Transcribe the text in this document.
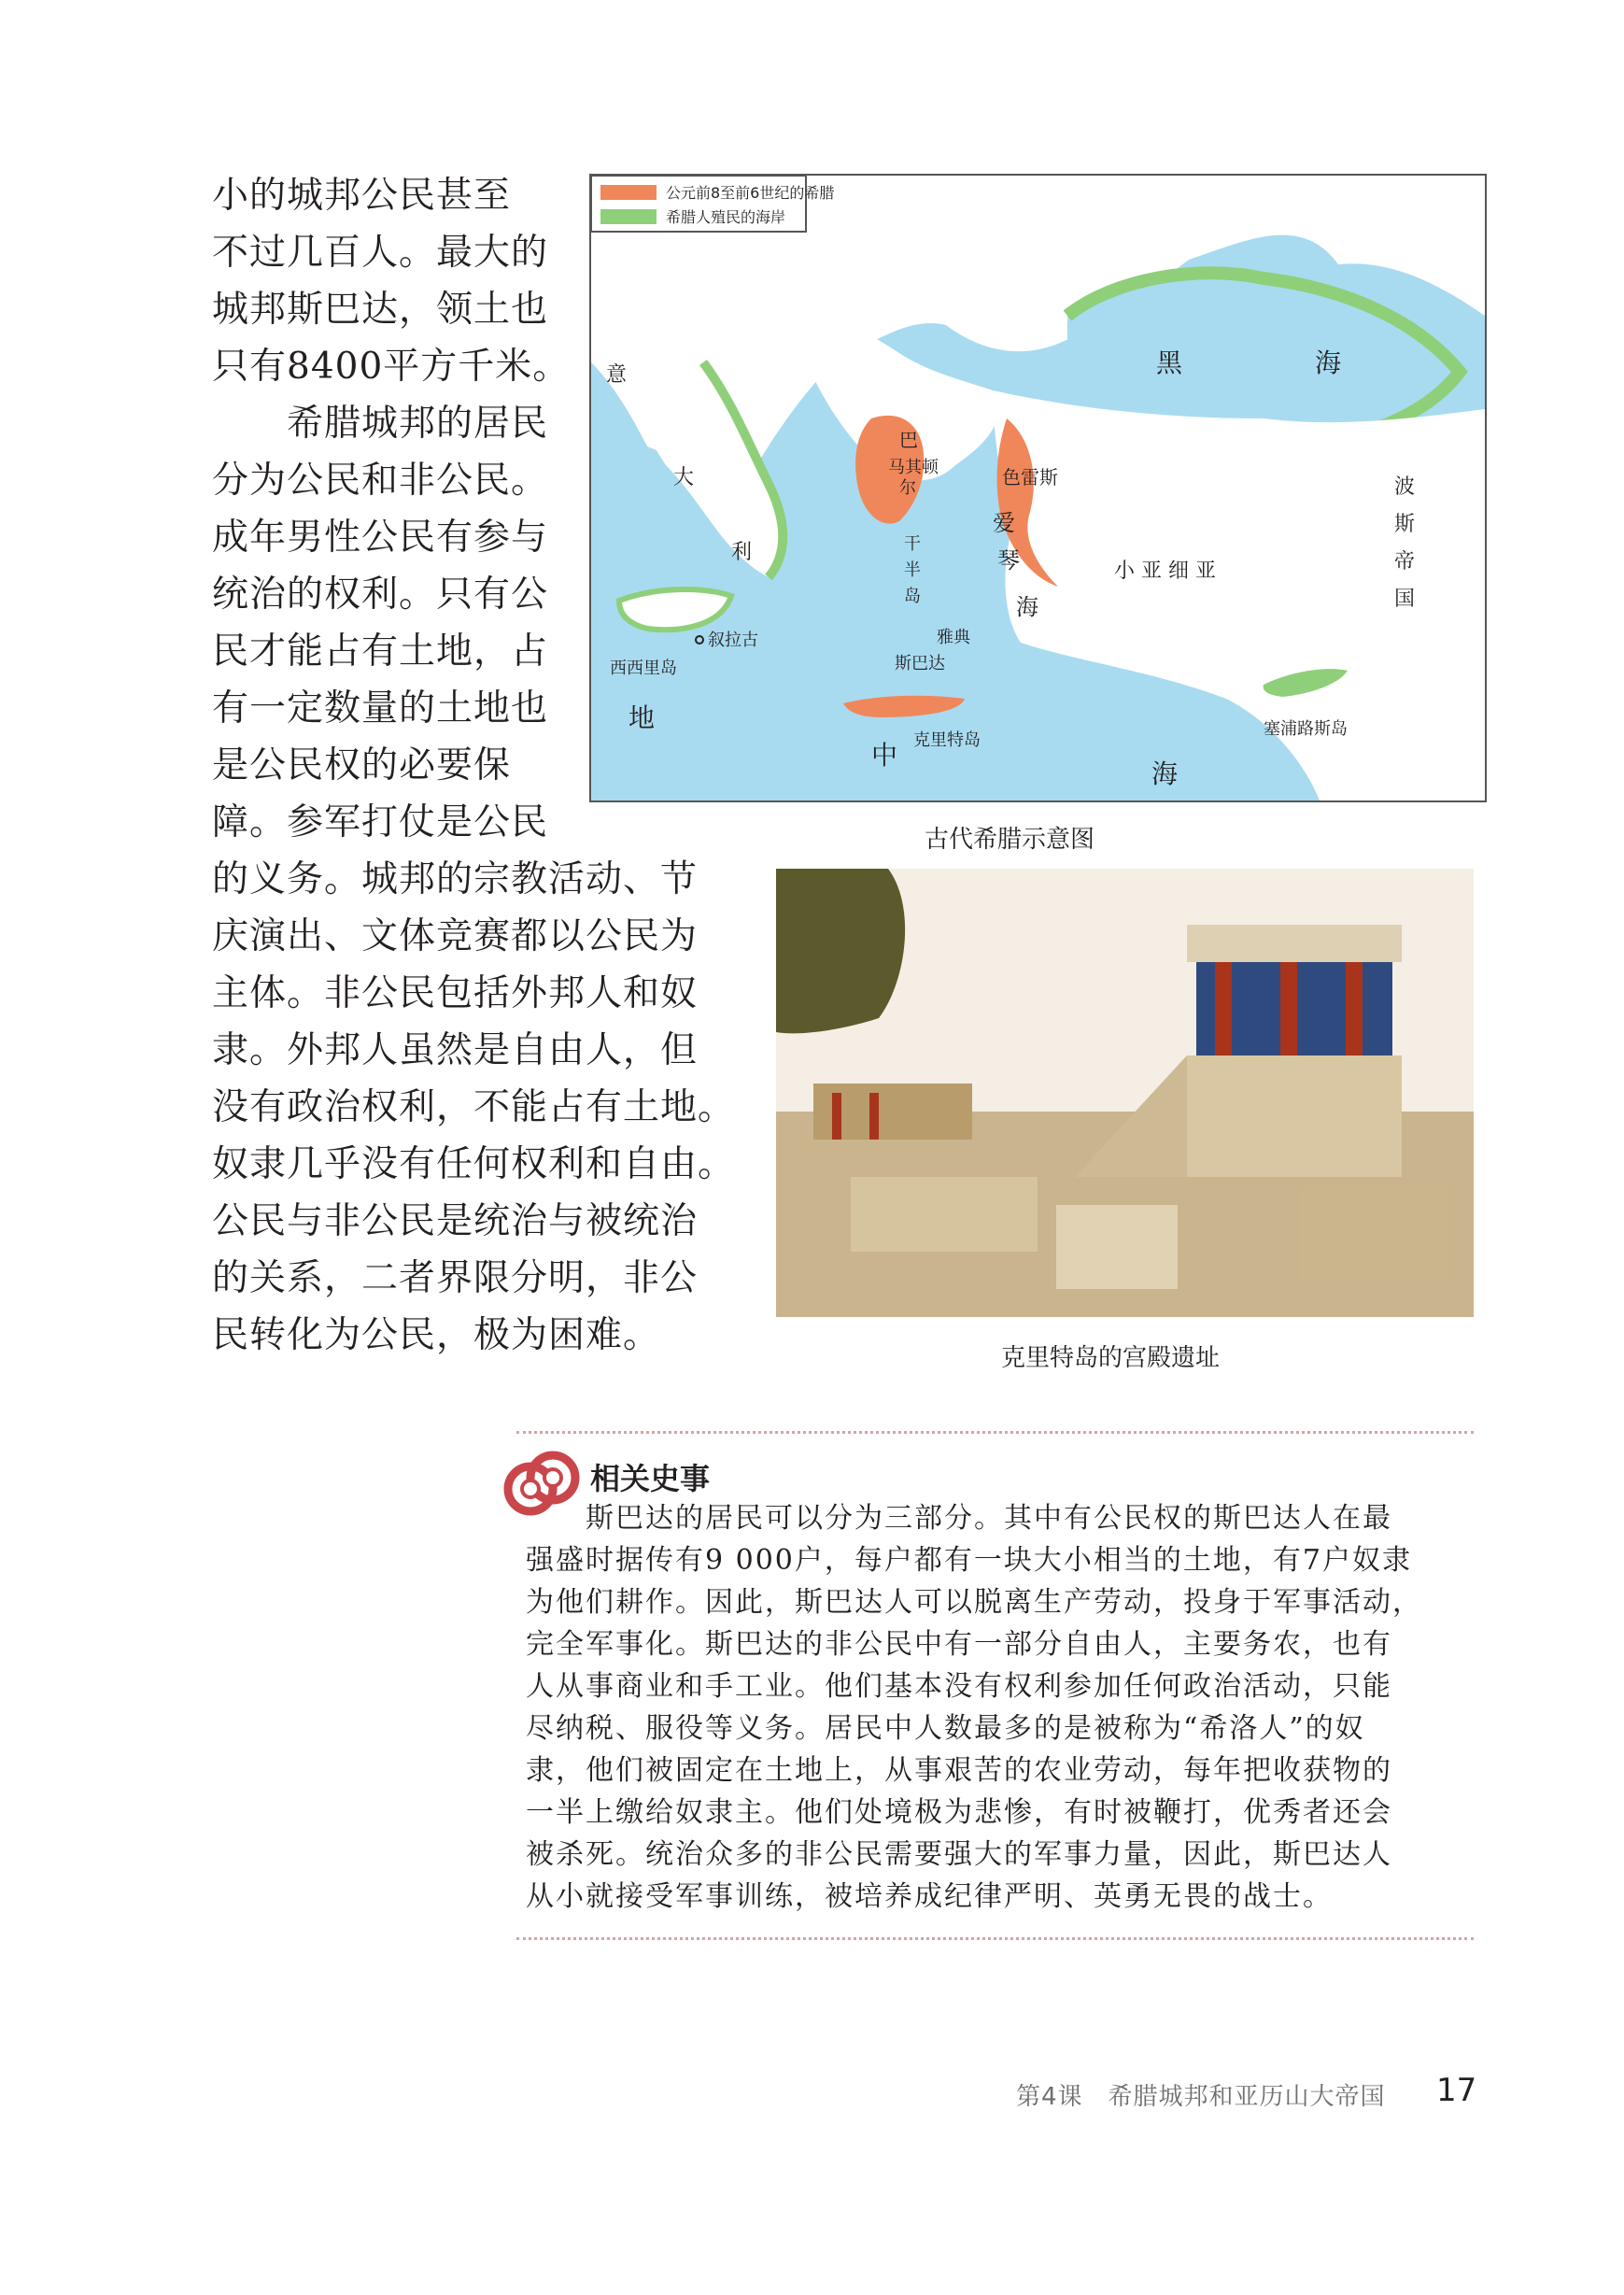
小的城邦公民甚至
不过几百人。最大的
城邦斯巴达，领土也
只有8400平方千米。
　　希腊城邦的居民
分为公民和非公民。
成年男性公民有参与
统治的权利。只有公
民才能占有土地，占
有一定数量的土地也
是公民权的必要保
障。参军打仗是公民
的义务。城邦的宗教活动、节
庆演出、文体竞赛都以公民为
主体。非公民包括外邦人和奴
隶。外邦人虽然是自由人，但
没有政治权利，不能占有土地。
奴隶几乎没有任何权利和自由。
公民与非公民是统治与被统治
的关系，二者界限分明，非公
民转化为公民，极为困难。
公元前8至前6世纪的希腊
希腊人殖民的海岸
黑	海
意
大
利
巴
马其顿
尔	色雷斯	波
斯
帝
国
小 亚 细 亚
爱
琴
海
干
半
岛
叙拉古
西西里岛
雅典
斯巴达
克里特岛
塞浦路斯岛
地
中
海
古代希腊示意图
克里特岛的宫殿遗址
相关史事
　　斯巴达的居民可以分为三部分。其中有公民权的斯巴达人在最
强盛时据传有9 000户，每户都有一块大小相当的土地，有7户奴隶
为他们耕作。因此，斯巴达人可以脱离生产劳动，投身于军事活动，
完全军事化。斯巴达的非公民中有一部分自由人，主要务农，也有
人从事商业和手工业。他们基本没有权利参加任何政治活动，只能
尽纳税、服役等义务。居民中人数最多的是被称为“希洛人”的奴
隶，他们被固定在土地上，从事艰苦的农业劳动，每年把收获物的
一半上缴给奴隶主。他们处境极为悲惨，有时被鞭打，优秀者还会
被杀死。统治众多的非公民需要强大的军事力量，因此，斯巴达人
从小就接受军事训练，被培养成纪律严明、英勇无畏的战士。
第4课　希腊城邦和亚历山大帝国 17
